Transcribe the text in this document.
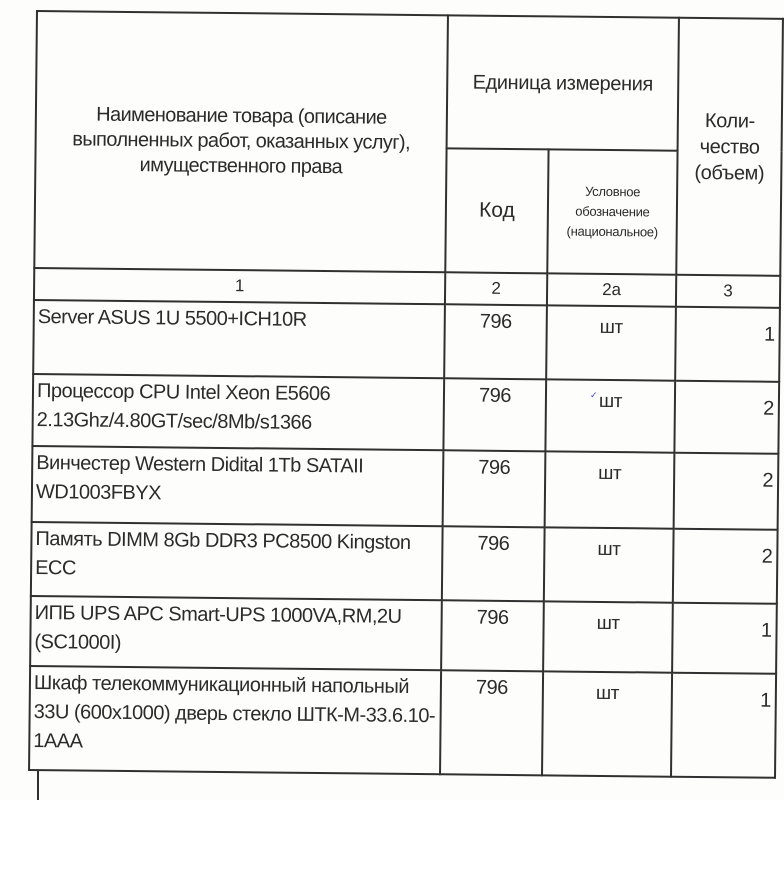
Наименование товара (описание выполненных работ, оказанных услуг), имущественного права	Единица измерения		Коли-чество (объем)
	Код	Условное обозначение (национальное)	
1	2	2а	3
Server ASUS 1U 5500+ICH10R	796	шт	1
Процессор CPU Intel Xeon E5606 2.13Ghz/4.80GT/sec/8Mb/s1366	796	шт	2
Винчестер Western Didital 1Tb SATAII WD1003FBYX	796	шт	2
Память DIMM 8Gb DDR3 PC8500 Kingston ECC	796	шт	2
ИПБ UPS APC Smart-UPS 1000VA,RM,2U (SC1000I)	796	шт	1
Шкаф телекоммуникационный напольный 33U (600x1000) дверь стекло ШТК-М-33.6.10-1AAA	796	шт	1
✓
